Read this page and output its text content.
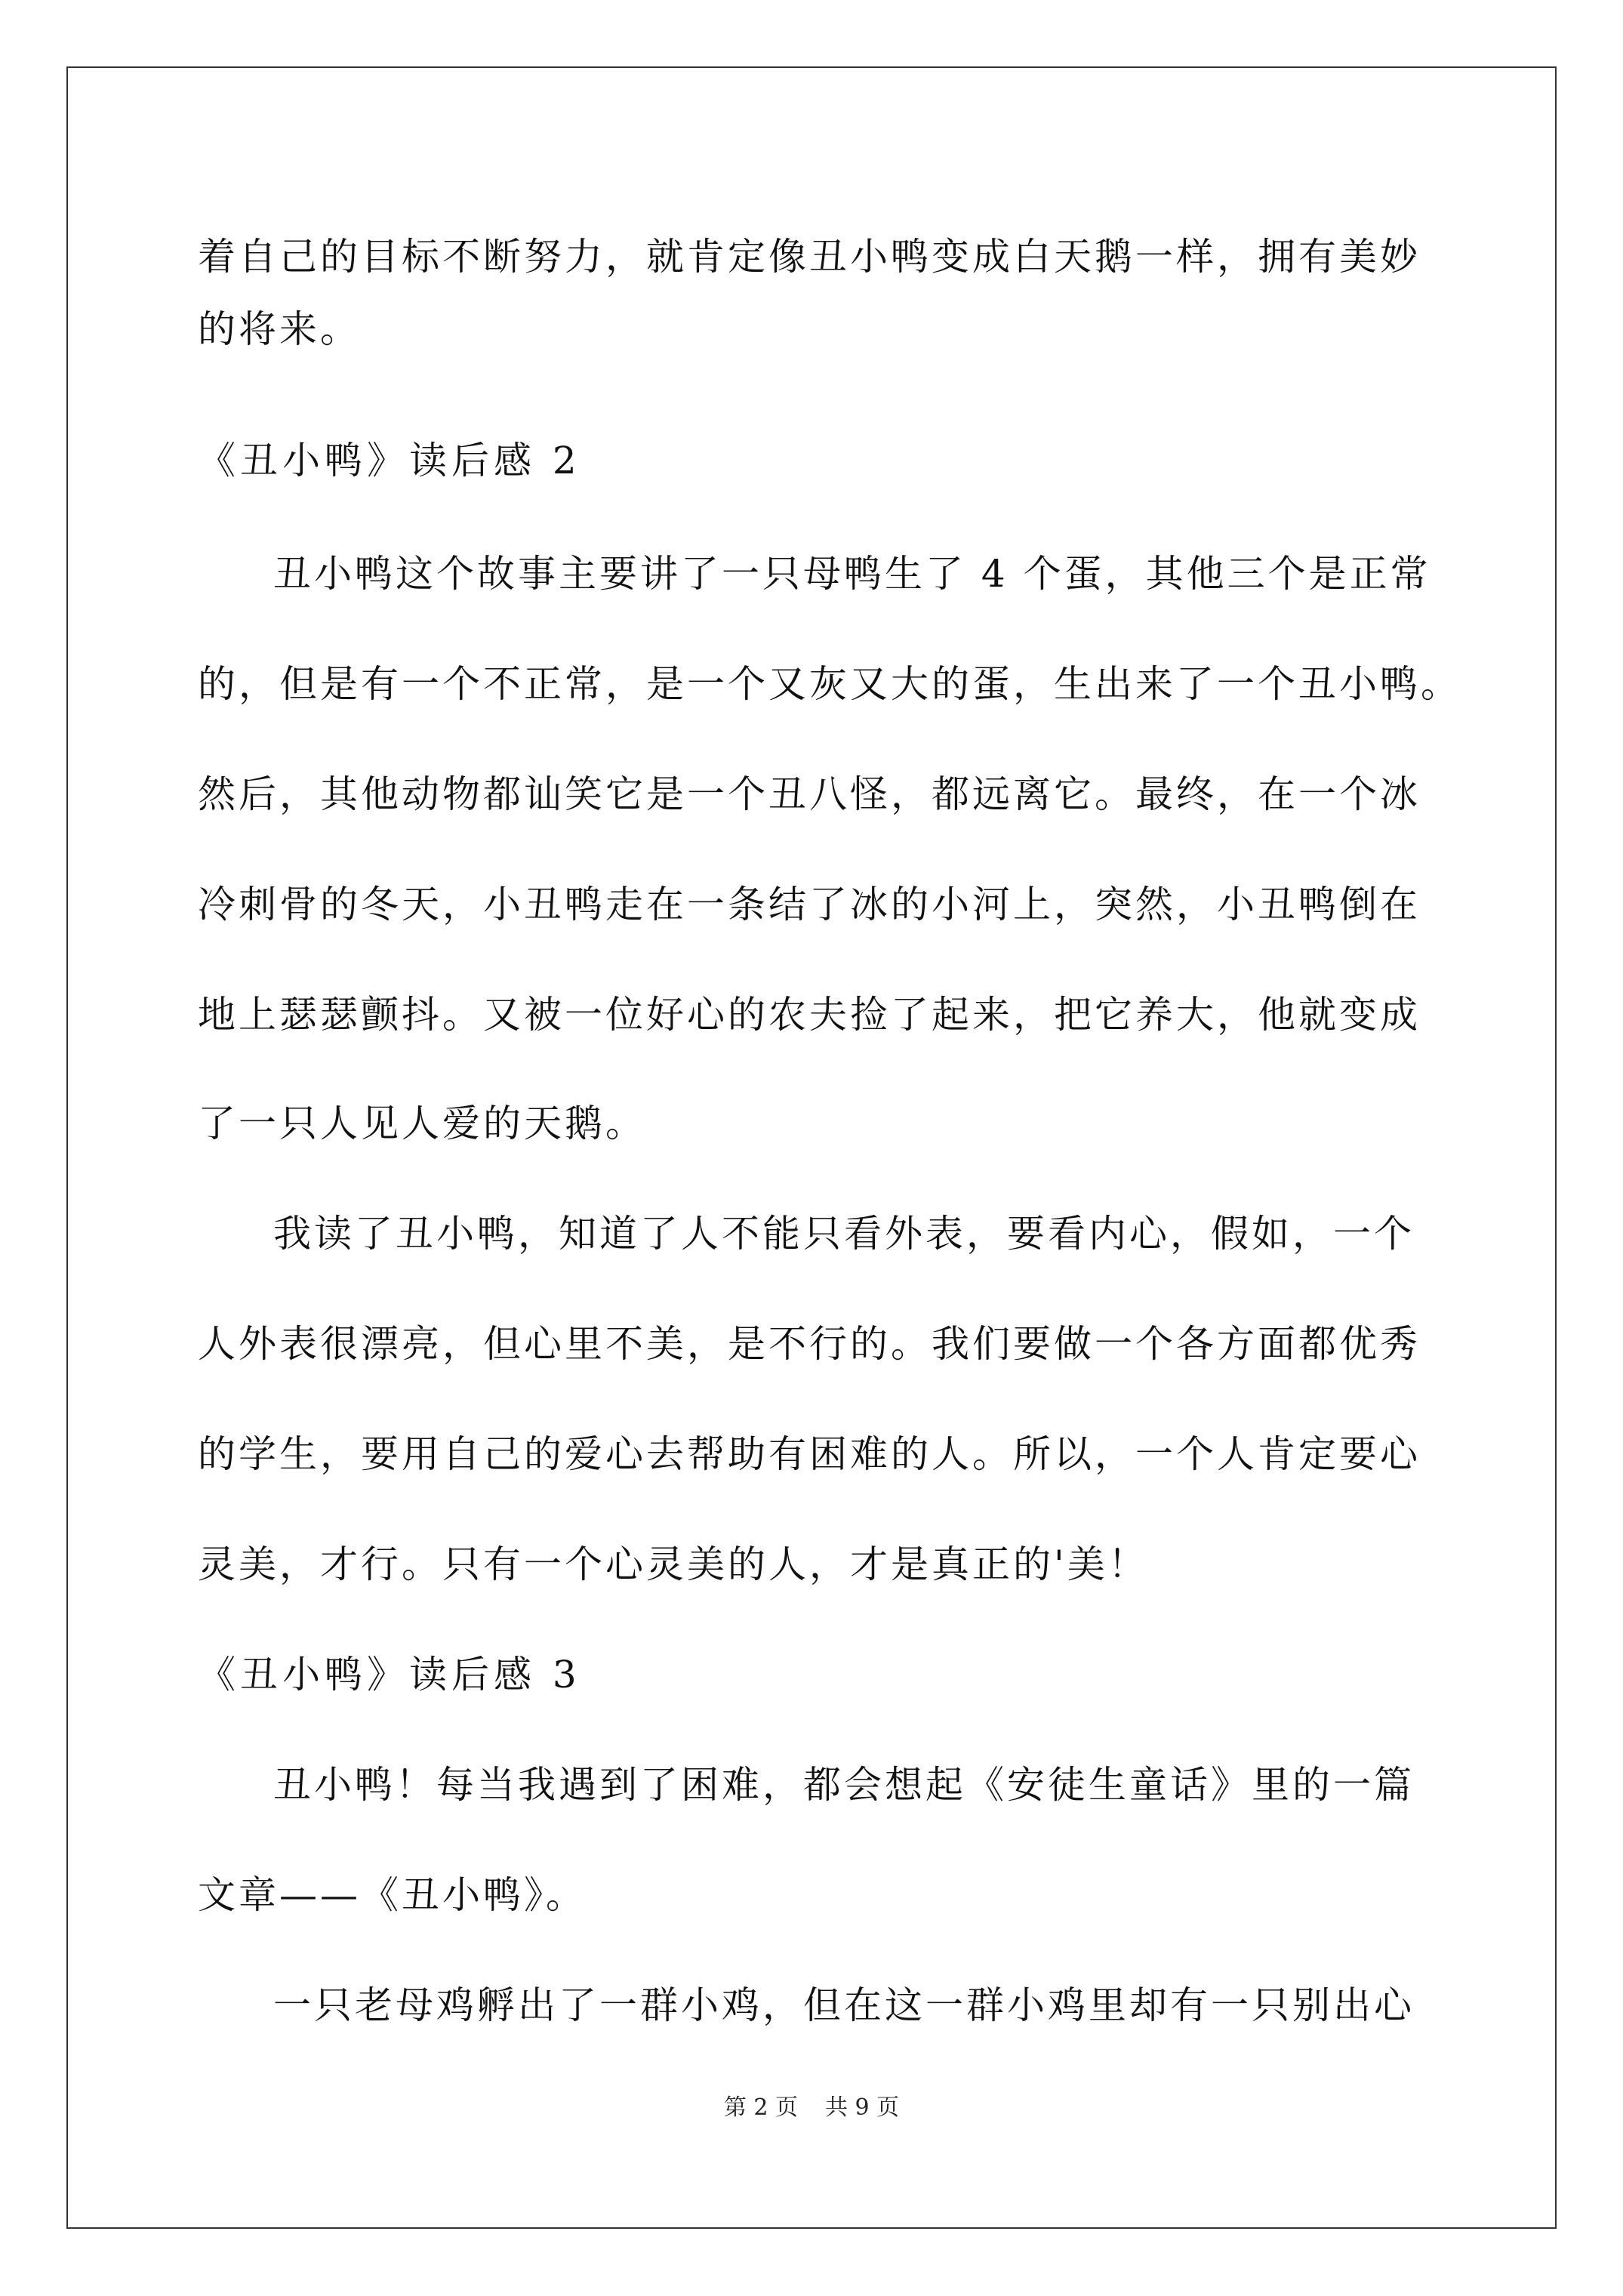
着自己的目标不断努力，就肯定像丑小鸭变成白天鹅一样，拥有美妙
的将来。
《丑小鸭》读后感 2
丑小鸭这个故事主要讲了一只母鸭生了 4 个蛋，其他三个是正常
的，但是有一个不正常，是一个又灰又大的蛋，生出来了一个丑小鸭。
然后，其他动物都讪笑它是一个丑八怪，都远离它。最终，在一个冰
冷刺骨的冬天，小丑鸭走在一条结了冰的小河上，突然，小丑鸭倒在
地上瑟瑟颤抖。又被一位好心的农夫捡了起来，把它养大，他就变成
了一只人见人爱的天鹅。
我读了丑小鸭，知道了人不能只看外表，要看内心，假如，一个
人外表很漂亮，但心里不美，是不行的。我们要做一个各方面都优秀
的学生，要用自己的爱心去帮助有困难的人。所以，一个人肯定要心
灵美，才行。只有一个心灵美的人，才是真正的'美！
《丑小鸭》读后感 3
丑小鸭！每当我遇到了困难，都会想起《安徒生童话》里的一篇
文章——《丑小鸭》。
一只老母鸡孵出了一群小鸡，但在这一群小鸡里却有一只别出心
第 2 页 共 9 页
